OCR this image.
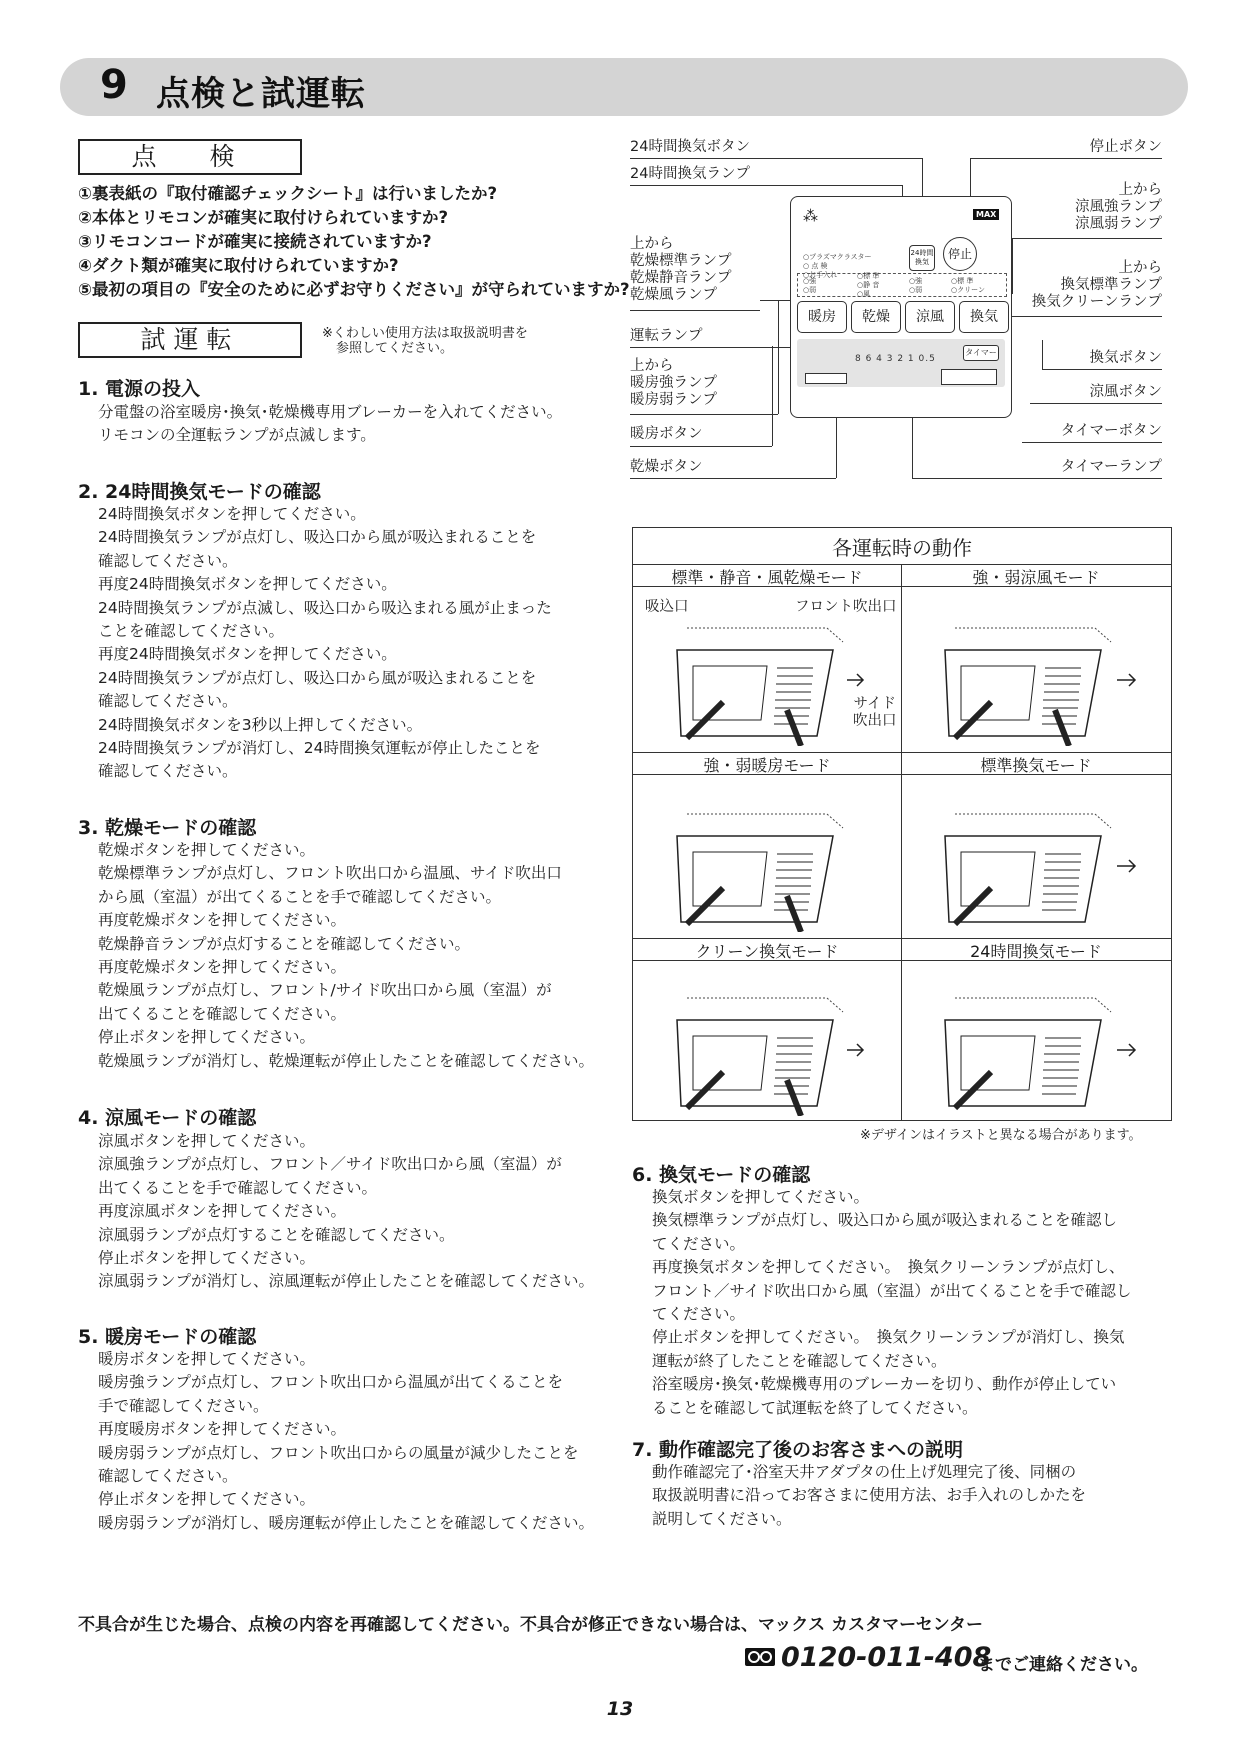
9 点検と試運転
点　検
①裏表紙の『取付確認チェックシート』は行いましたか?
②本体とリモコンが確実に取付けられていますか?
③リモコンコードが確実に接続されていますか?
④ダクト類が確実に取付けられていますか?
⑤最初の項目の『安全のために必ずお守りください』が守られていますか?
試運転	※くわしい使用方法は取扱説明書を
参照してください。
1. 電源の投入
分電盤の浴室暖房･換気･乾燥機専用ブレーカーを入れてください。
リモコンの全運転ランプが点滅します。
2. 24時間換気モードの確認
24時間換気ボタンを押してください。
24時間換気ランプが点灯し、吸込口から風が吸込まれることを
確認してください。
再度24時間換気ボタンを押してください。
24時間換気ランプが点滅し、吸込口から吸込まれる風が止まった
ことを確認してください。
再度24時間換気ボタンを押してください。
24時間換気ランプが点灯し、吸込口から風が吸込まれることを
確認してください。
24時間換気ボタンを3秒以上押してください。
24時間換気ランプが消灯し、24時間換気運転が停止したことを
確認してください。
3. 乾燥モードの確認
乾燥ボタンを押してください。
乾燥標準ランプが点灯し、フロント吹出口から温風、サイド吹出口
から風（室温）が出てくることを手で確認してください。
再度乾燥ボタンを押してください。
乾燥静音ランプが点灯することを確認してください。
再度乾燥ボタンを押してください。
乾燥風ランプが点灯し、フロント/サイド吹出口から風（室温）が
出てくることを確認してください。
停止ボタンを押してください。
乾燥風ランプが消灯し、乾燥運転が停止したことを確認してください。
4. 涼風モードの確認
涼風ボタンを押してください。
涼風強ランプが点灯し、フロント／サイド吹出口から風（室温）が
出てくることを手で確認してください。
再度涼風ボタンを押してください。
涼風弱ランプが点灯することを確認してください。
停止ボタンを押してください。
涼風弱ランプが消灯し、涼風運転が停止したことを確認してください。
5. 暖房モードの確認
暖房ボタンを押してください。
暖房強ランプが点灯し、フロント吹出口から温風が出てくることを
手で確認してください。
再度暖房ボタンを押してください。
暖房弱ランプが点灯し、フロント吹出口からの風量が減少したことを
確認してください。
停止ボタンを押してください。
暖房弱ランプが消灯し、暖房運転が停止したことを確認してください。
6. 換気モードの確認
換気ボタンを押してください。
換気標準ランプが点灯し、吸込口から風が吸込まれることを確認し
てください。
再度換気ボタンを押してください。　換気クリーンランプが点灯し、
フロント／サイド吹出口から風（室温）が出てくることを手で確認し
てください。
停止ボタンを押してください。　換気クリーンランプが消灯し、換気
運転が終了したことを確認してください。
浴室暖房･換気･乾燥機専用のブレーカーを切り、動作が停止してい
ることを確認して試運転を終了してください。
7. 動作確認完了後のお客さまへの説明
動作確認完了･浴室天井アダプタの仕上げ処理完了後、同梱の
取扱説明書に沿ってお客さまに使用方法、お手入れのしかたを
説明してください。
24時間換気ボタン
24時間換気ランプ
上から
乾燥標準ランプ
乾燥静音ランプ
乾燥風ランプ
運転ランプ
上から
暖房強ランプ
暖房弱ランプ
暖房ボタン
乾燥ボタン
停止ボタン
上から
涼風強ランプ
涼風弱ランプ
上から
換気標準ランプ
換気クリーンランプ
換気ボタン
涼風ボタン
タイマーボタン
タイマーランプ
⁂	MAX
○プラズマクラスター
○ 点 検
○お手入れ
24時間換気
停止
○強
○弱
○標 準
○静 音
○風
○強
○弱
○標 準
○クリーン
暖房	乾燥	涼風	換気
8 6 4 3 2 1 0.5
タイマー
各運転時の動作
標準・静音・風乾燥モード	強・弱涼風モード
強・弱暖房モード	標準換気モード
クリーン換気モード	24時間換気モード
吸込口	フロント吹出口
サイド
吹出口
※デザインはイラストと異なる場合があります。
不具合が生じた場合、点検の内容を再確認してください。不具合が修正できない場合は、マックス カスタマーセンター
0120-011-408
までご連絡ください。
13
